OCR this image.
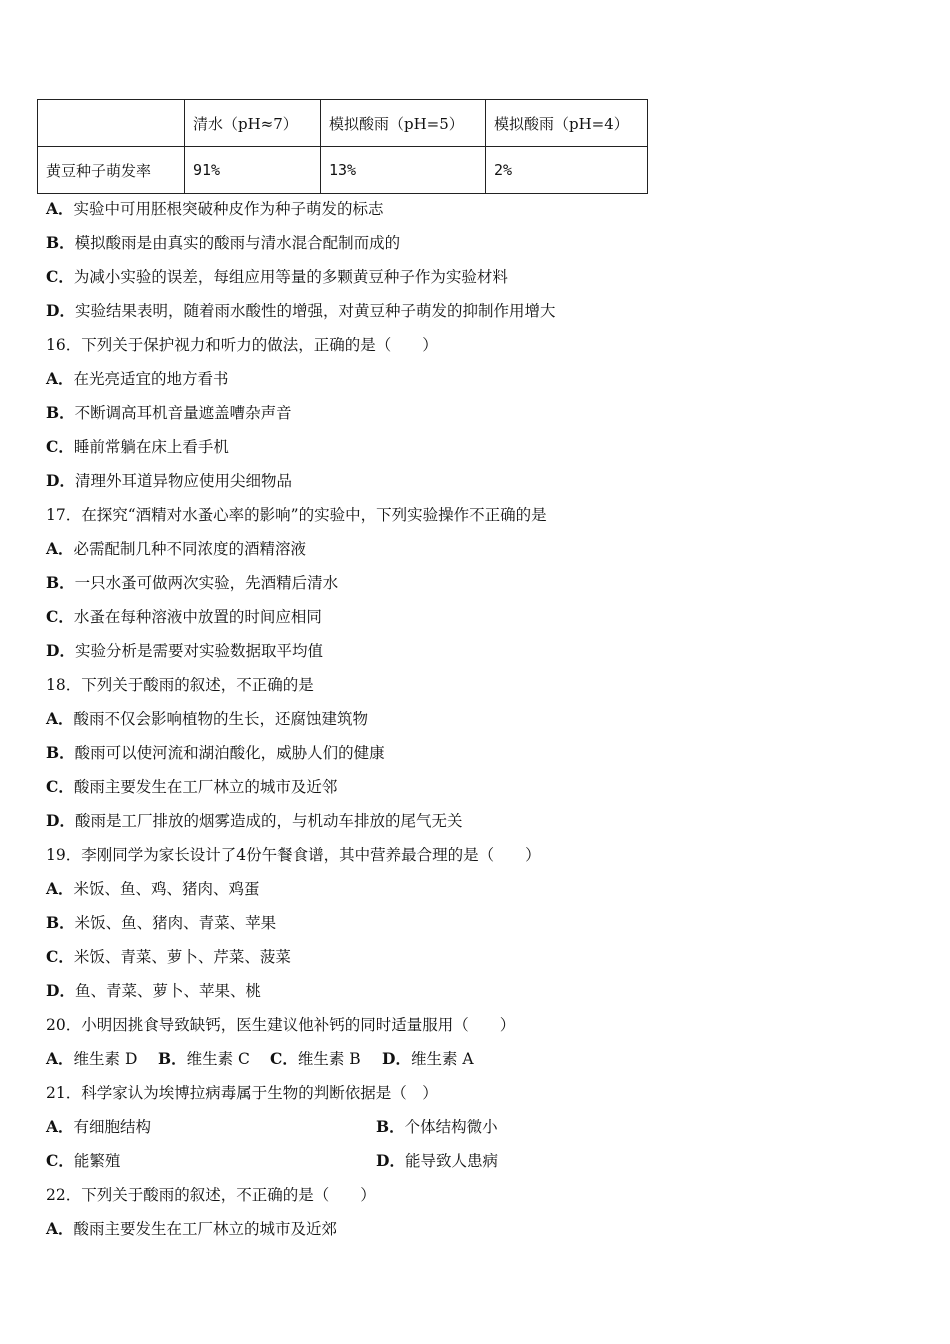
	清水（pH≈7）	模拟酸雨（pH=5）	模拟酸雨（pH=4）
黄豆种子萌发率	91%	13%	2%
A．实验中可用胚根突破种皮作为种子萌发的标志
B．模拟酸雨是由真实的酸雨与清水混合配制而成的
C．为减小实验的误差，每组应用等量的多颗黄豆种子作为实验材料
D．实验结果表明，随着雨水酸性的增强，对黄豆种子萌发的抑制作用增大
16．下列关于保护视力和听力的做法，正确的是（　　）
A．在光亮适宜的地方看书
B．不断调高耳机音量遮盖嘈杂声音
C．睡前常躺在床上看手机
D．清理外耳道异物应使用尖细物品
17．在探究“酒精对水蚤心率的影响”的实验中，下列实验操作不正确的是
A．必需配制几种不同浓度的酒精溶液
B．一只水蚤可做两次实验，先酒精后清水
C．水蚤在每种溶液中放置的时间应相同
D．实验分析是需要对实验数据取平均值
18．下列关于酸雨的叙述，不正确的是
A．酸雨不仅会影响植物的生长，还腐蚀建筑物
B．酸雨可以使河流和湖泊酸化，威胁人们的健康
C．酸雨主要发生在工厂林立的城市及近邻
D．酸雨是工厂排放的烟雾造成的，与机动车排放的尾气无关
19．李刚同学为家长设计了4份午餐食谱，其中营养最合理的是（　　）
A．米饭、鱼、鸡、猪肉、鸡蛋
B．米饭、鱼、猪肉、青菜、苹果
C．米饭、青菜、萝卜、芹菜、菠菜
D．鱼、青菜、萝卜、苹果、桃
20．小明因挑食导致缺钙，医生建议他补钙的同时适量服用（　　）
A．维生素 D B．维生素 C C．维生素 B D．维生素 A
21．科学家认为埃博拉病毒属于生物的判断依据是（　）
A．有细胞结构	B．个体结构微小
C．能繁殖	D．能导致人患病
22．下列关于酸雨的叙述，不正确的是（　　）
A．酸雨主要发生在工厂林立的城市及近郊
